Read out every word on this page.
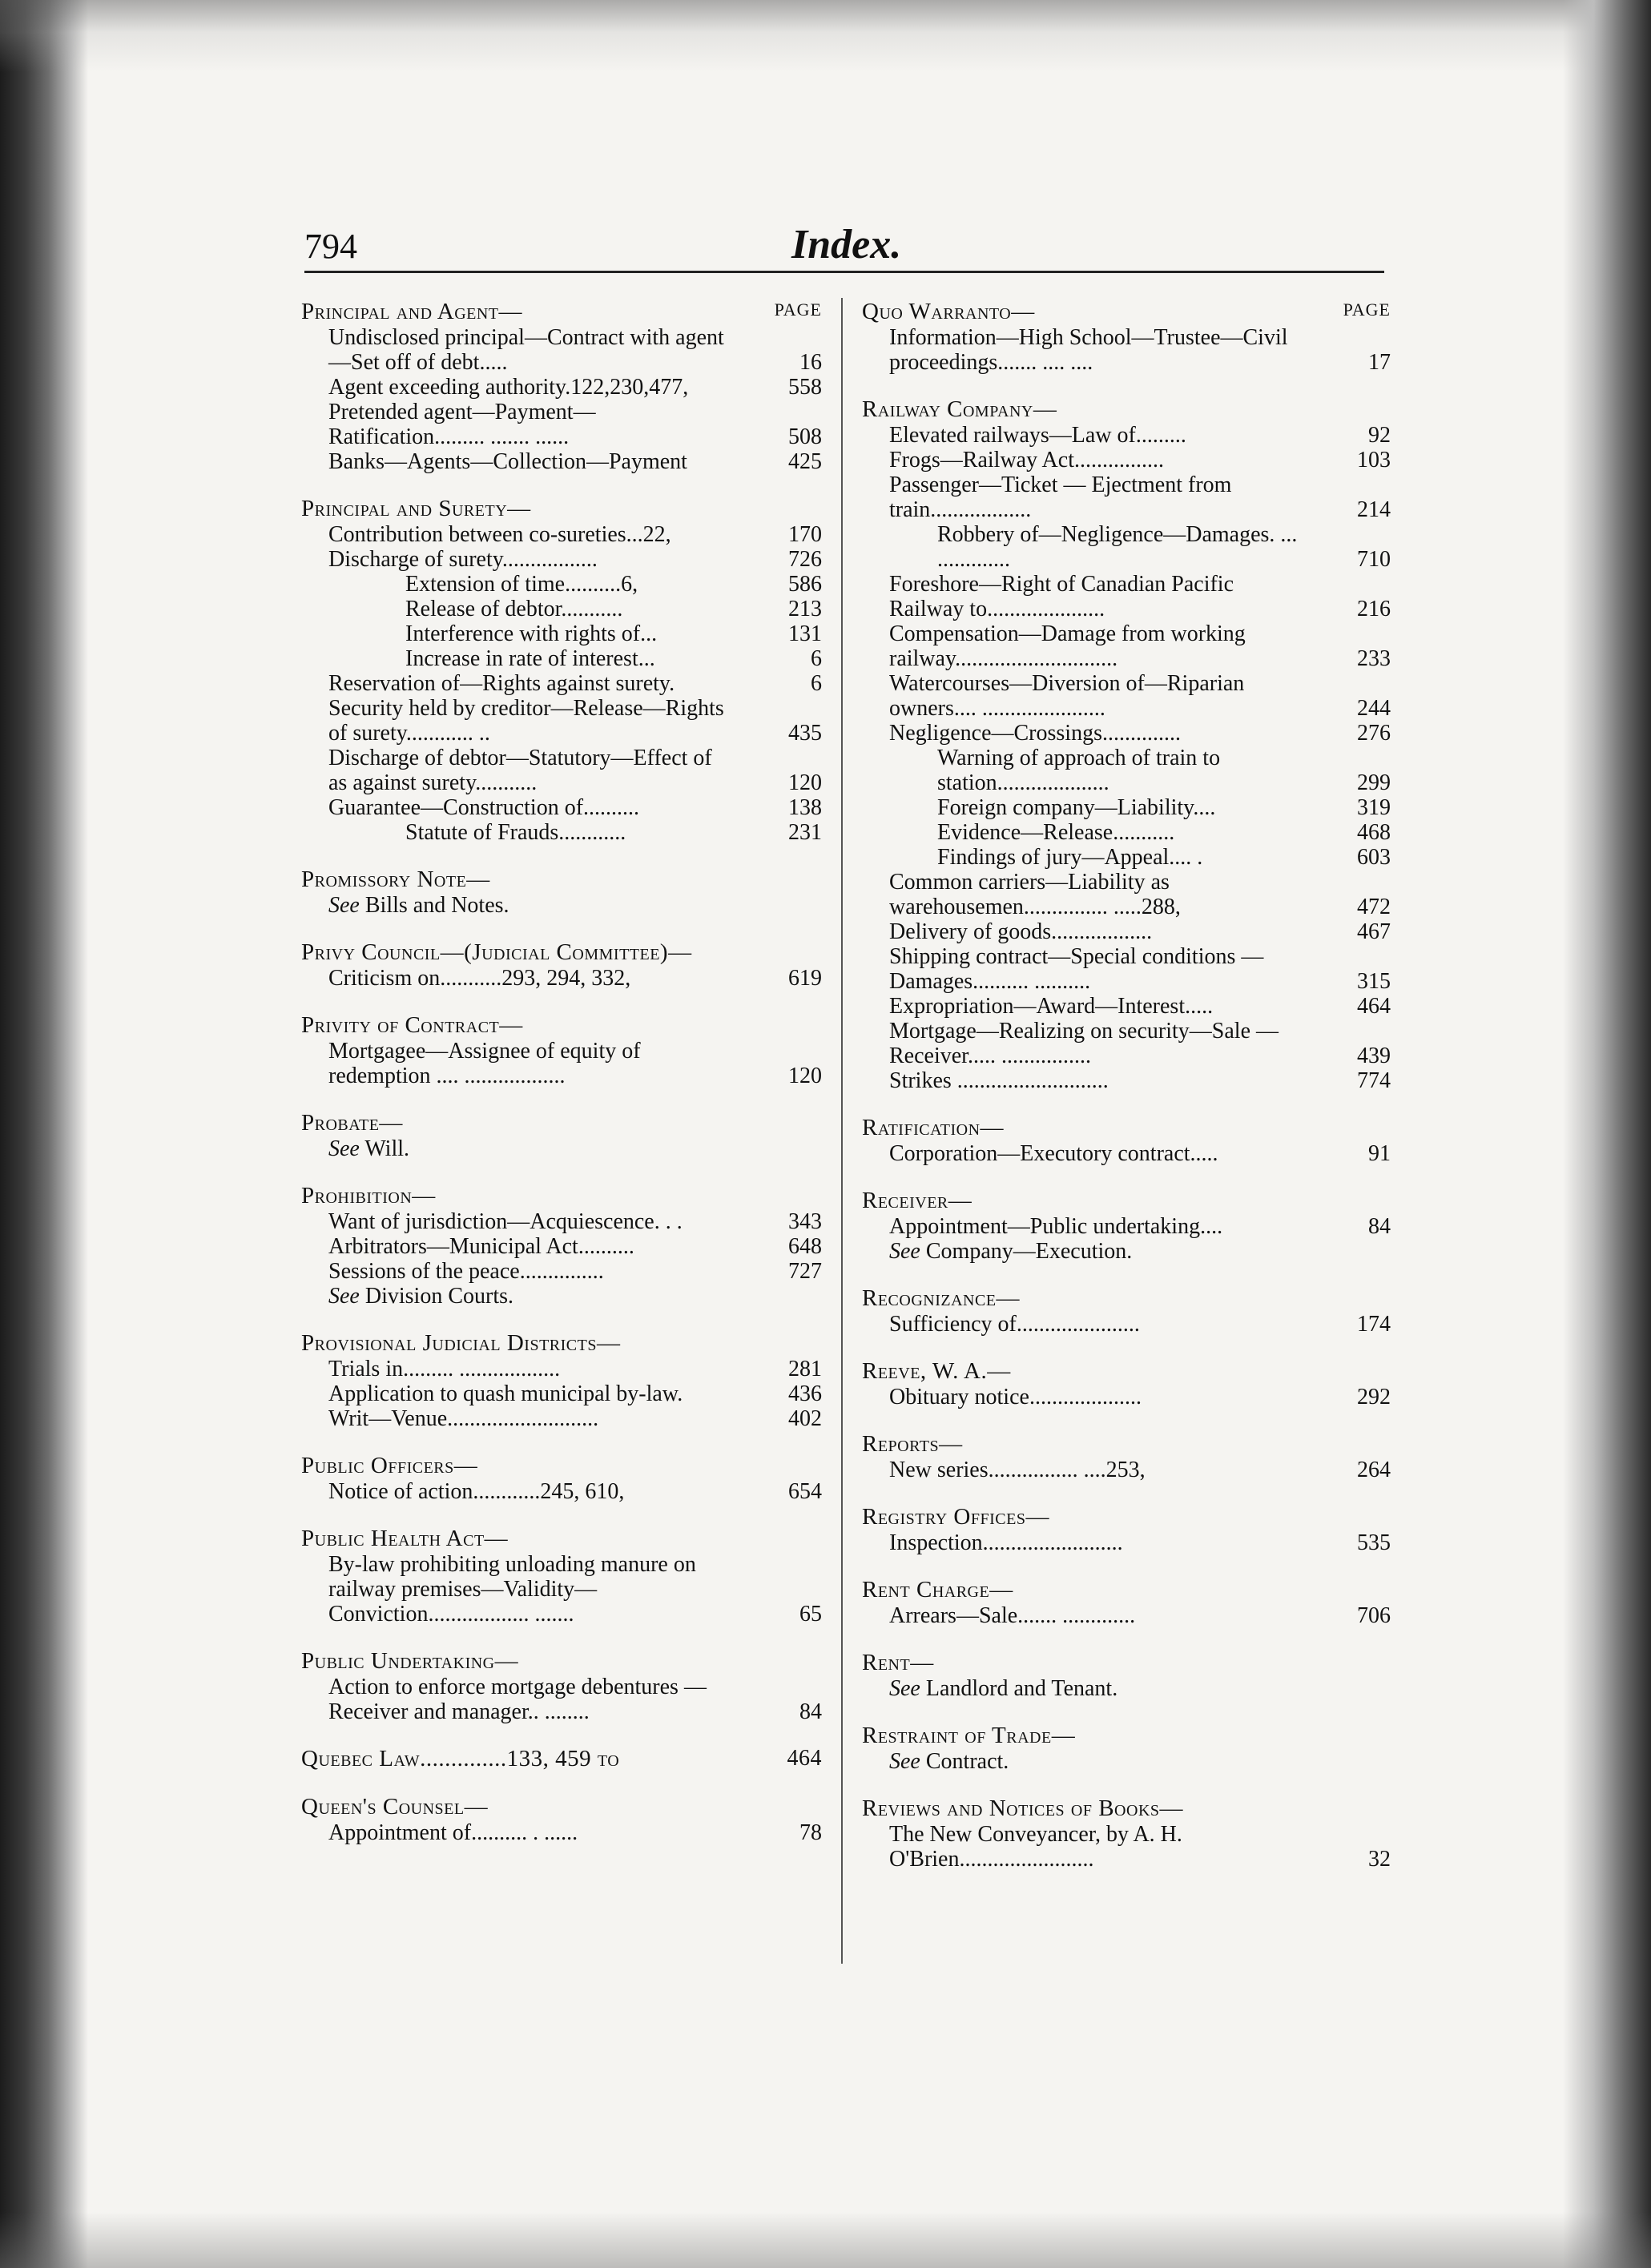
794	Index.
PAGE
Principal and Agent—
Undisclosed principal—Contract with agent—Set off of debt.....	16
Agent exceeding authority.122,230,477,	558
Pretended agent—Payment—Ratification......... ....... ......	508
Banks—Agents—Collection—Payment	425
Principal and Surety—
Contribution between co-sureties...22,	170
Discharge of surety.................	726
Extension of time..........6,	586
Release of debtor...........	213
Interference with rights of...	131
Increase in rate of interest...	6
Reservation of—Rights against surety.	6
Security held by creditor—Release—Rights of surety............ ..	435
Discharge of debtor—Statutory—Effect of as against surety...........	120
Guarantee—Construction of..........	138
Statute of Frauds............	231
Promissory Note—
See Bills and Notes.
Privy Council—(Judicial Committee)—
Criticism on...........293, 294, 332,	619
Privity of Contract—
Mortgagee—Assignee of equity of redemption .... ..................	120
Probate—
See Will.
Prohibition—
Want of jurisdiction—Acquiescence. . .	343
Arbitrators—Municipal Act..........	648
Sessions of the peace...............	727
See Division Courts.
Provisional Judicial Districts—
Trials in......... ..................	281
Application to quash municipal by-law.	436
Writ—Venue...........................	402
Public Officers—
Notice of action............245, 610,	654
Public Health Act—
By-law prohibiting unloading manure on railway premises—Validity—Conviction.................. .......	65
Public Undertaking—
Action to enforce mortgage debentures —Receiver and manager.. ........	84
Quebec Law..............133, 459 to	464
Queen's Counsel—
Appointment of.......... . ......	78
PAGE
Quo Warranto—
Information—High School—Trustee—Civil proceedings....... .... ....	17
Railway Company—
Elevated railways—Law of.........	92
Frogs—Railway Act................	103
Passenger—Ticket — Ejectment from train..................	214
Robbery of—Negligence—Damages. ... .............	710
Foreshore—Right of Canadian Pacific Railway to.....................	216
Compensation—Damage from working railway.............................	233
Watercourses—Diversion of—Riparian owners.... ......................	244
Negligence—Crossings..............	276
Warning of approach of train to station....................	299
Foreign company—Liability....	319
Evidence—Release...........	468
Findings of jury—Appeal.... .	603
Common carriers—Liability as warehousemen............... .....288,	472
Delivery of goods..................	467
Shipping contract—Special conditions —Damages.......... ..........	315
Expropriation—Award—Interest.....	464
Mortgage—Realizing on security—Sale —Receiver..... ................	439
Strikes ...........................	774
Ratification—
Corporation—Executory contract.....	91
Receiver—
Appointment—Public undertaking....	84
See Company—Execution.
Recognizance—
Sufficiency of......................	174
Reeve, W. A.—
Obituary notice....................	292
Reports—
New series................ ....253,	264
Registry Offices—
Inspection.........................	535
Rent Charge—
Arrears—Sale....... .............	706
Rent—
See Landlord and Tenant.
Restraint of Trade—
See Contract.
Reviews and Notices of Books—
The New Conveyancer, by A. H. O'Brien........................	32
